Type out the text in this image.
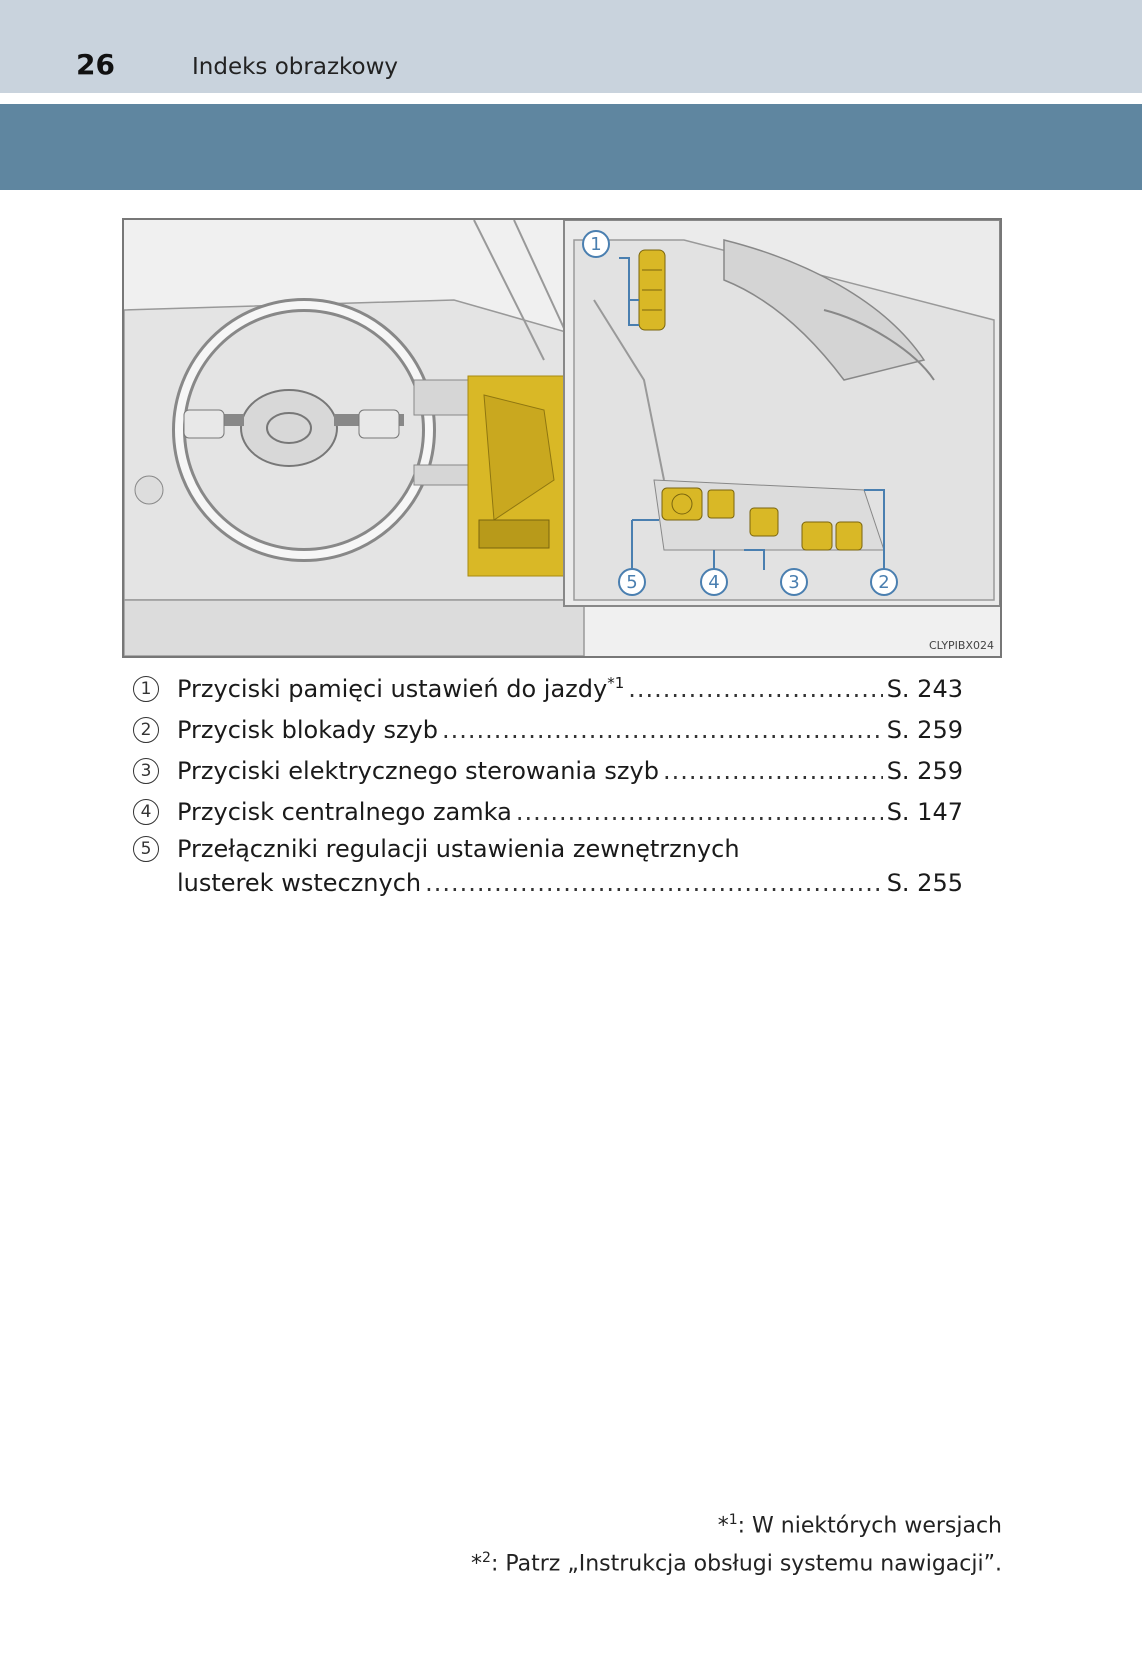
26	Indeks obrazkowy
1
5	4	3	2
CLYPIBX024
1	Przyciski pamięci ustawień do jazdy$^{*1}$ .....	S. 243
2	Przycisk blokady szyb .....	S. 259
3	Przyciski elektrycznego sterowania szyb .....	S. 259
4	Przycisk centralnego zamka .....	S. 147
5	Przełączniki regulacji ustawienia zewnętrznych
lusterek wstecznych .....	S. 255
*$^1$: W niektórych wersjach
*$^2$: Patrz „Instrukcja obsługi systemu nawigacji”.
